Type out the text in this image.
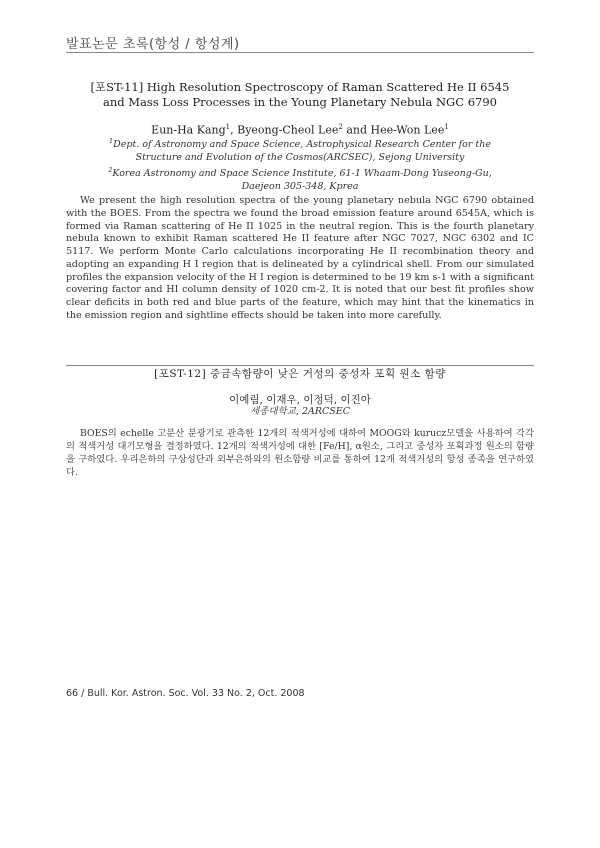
발표논문 초록(항성 / 항성계)
[포ST-11] High Resolution Spectroscopy of Raman Scattered He II 6545
and Mass Loss Processes in the Young Planetary Nebula NGC 6790
Eun-Ha Kang$^1$, Byeong-Cheol Lee$^2$ and Hee-Won Lee$^1$
$^1$Dept. of Astronomy and Space Science, Astrophysical Research Center for the
Structure and Evolution of the Cosmos(ARCSEC), Sejong University
$^2$Korea Astronomy and Space Science Institute, 61-1 Whaam-Dong Yuseong-Gu,
Daejeon 305-348, Kprea
We present the high resolution spectra of the young planetary nebula NGC 6790 obtained with the BOES. From the spectra we found the broad emission feature around 6545A, which is formed via Raman scattering of He II 1025 in the neutral region. This is the fourth planetary nebula known to exhibit Raman scattered He II feature after NGC 7027, NGC 6302 and IC 5117. We perform Monte Carlo calculations incorporating He II recombination theory and adopting an expanding H I region that is delineated by a cylindrical shell. From our simulated profiles the expansion velocity of the H I region is determined to be 19 km s-1 with a significant covering factor and HI column density of 1020 cm-2. It is noted that our best fit profiles show clear deficits in both red and blue parts of the feature, which may hint that the kinematics in the emission region and sightline effects should be taken into more carefully.
[포ST-12] 중금속함량이 낮은 거성의 중성자 포획 원소 함량
이예림, 이재우, 이정덕, 이진아
세종대학교, 2ARCSEC
BOES의 echelle 고분산 분광기로 관측한 12개의 적색거성에 대하여 MOOG와 kurucz모델을 사용하여 각각의 적색거성 대기모형을 결정하였다. 12개의 적색거성에 대한 [Fe/H], α원소, 그리고 중성자 포획과정 원소의 함량을 구하였다. 우리은하의 구상성단과 외부은하와의 원소함량 비교를 통하여 12개 적색거성의 항성 종족을 연구하였다.
66 / Bull. Kor. Astron. Soc. Vol. 33 No. 2, Oct. 2008
